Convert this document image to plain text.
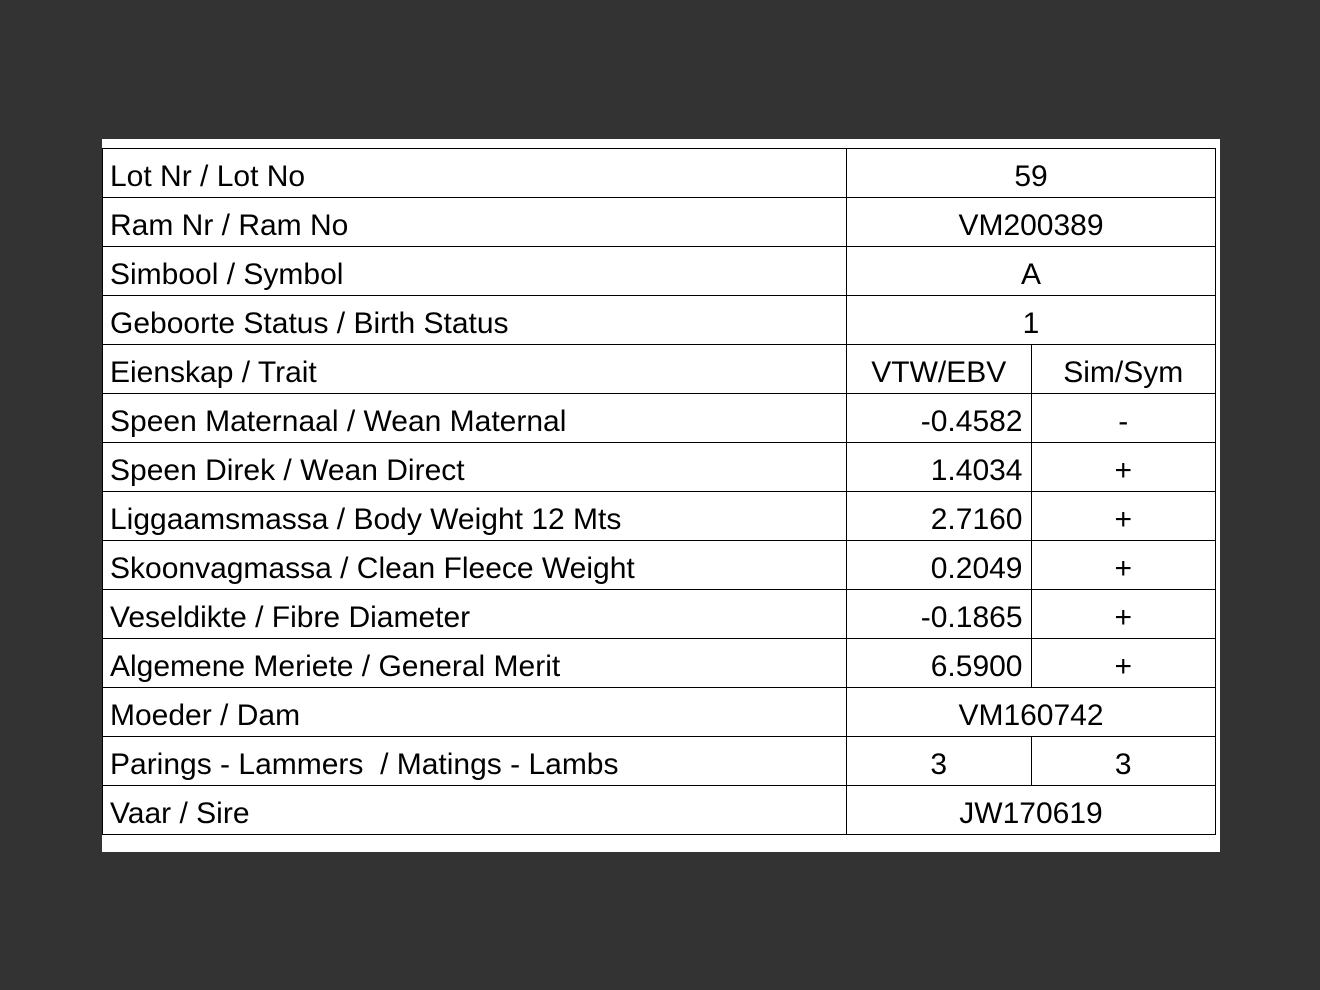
Lot Nr / Lot No	59	
Ram Nr / Ram No	VM200389	
Simbool / Symbol	A	
Geboorte Status / Birth Status	1	
Eienskap / Trait	VTW/EBV	Sim/Sym
Speen Maternaal / Wean Maternal	-0.4582	-
Speen Direk / Wean Direct	1.4034	+
Liggaamsmassa / Body Weight 12 Mts	2.7160	+
Skoonvagmassa / Clean Fleece Weight	0.2049	+
Veseldikte / Fibre Diameter	-0.1865	+
Algemene Meriete / General Merit	6.5900	+
Moeder / Dam	VM160742	
Parings - Lammers  / Matings - Lambs	3	3
Vaar / Sire	JW170619	
